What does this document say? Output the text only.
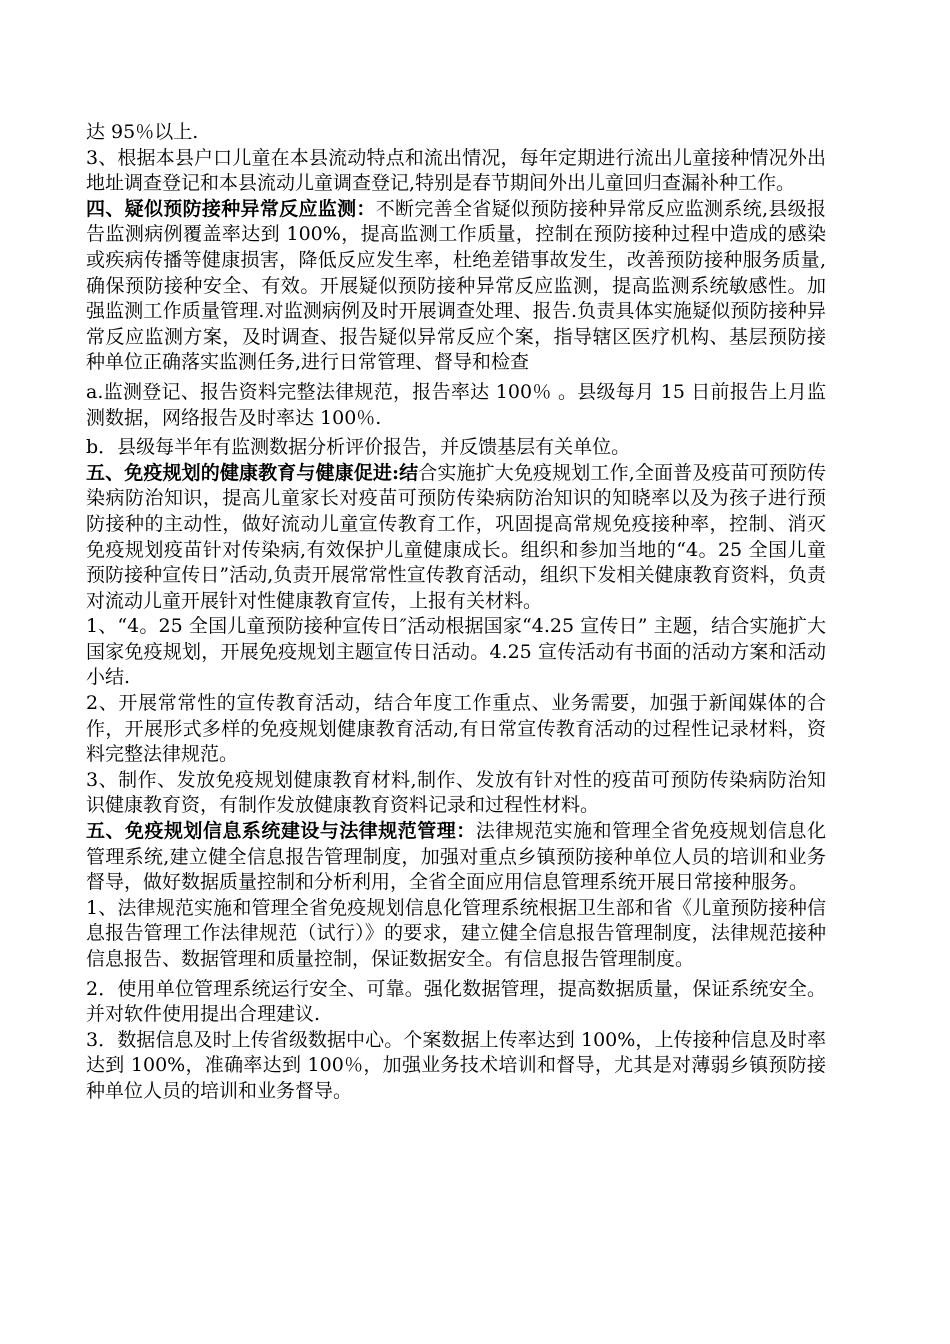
达 95％以上.

3、根据本县户口儿童在本县流动特点和流出情况，每年定期进行流出儿童接种情况外出地址调查登记和本县流动儿童调查登记,特别是春节期间外出儿童回归查漏补种工作。

四、疑似预防接种异常反应监测：不断完善全省疑似预防接种异常反应监测系统,县级报告监测病例覆盖率达到 100%，提高监测工作质量，控制在预防接种过程中造成的感染或疾病传播等健康损害，降低反应发生率，杜绝差错事故发生，改善预防接种服务质量,确保预防接种安全、有效。开展疑似预防接种异常反应监测，提高监测系统敏感性。加强监测工作质量管理.对监测病例及时开展调查处理、报告.负责具体实施疑似预防接种异常反应监测方案，及时调查、报告疑似异常反应个案，指导辖区医疗机构、基层预防接种单位正确落实监测任务,进行日常管理、督导和检查

a.监测登记、报告资料完整法律规范，报告率达 100％ 。县级每月 15 日前报告上月监测数据，网络报告及时率达 100％.

b．县级每半年有监测数据分析评价报告，并反馈基层有关单位。

五、免疫规划的健康教育与健康促进:结合实施扩大免疫规划工作,全面普及疫苗可预防传染病防治知识，提高儿童家长对疫苗可预防传染病防治知识的知晓率以及为孩子进行预防接种的主动性，做好流动儿童宣传教育工作，巩固提高常规免疫接种率，控制、消灭免疫规划疫苗针对传染病,有效保护儿童健康成长。组织和参加当地的“4。25 全国儿童预防接种宣传日”活动,负责开展常常性宣传教育活动，组织下发相关健康教育资料，负责对流动儿童开展针对性健康教育宣传，上报有关材料。

1、“4。25 全国儿童预防接种宣传日″活动根据国家“4.25 宣传日” 主题，结合实施扩大国家免疫规划，开展免疫规划主题宣传日活动。4.25 宣传活动有书面的活动方案和活动小结.

2、开展常常性的宣传教育活动，结合年度工作重点、业务需要，加强于新闻媒体的合作，开展形式多样的免疫规划健康教育活动,有日常宣传教育活动的过程性记录材料，资料完整法律规范。

3、制作、发放免疫规划健康教育材料,制作、发放有针对性的疫苗可预防传染病防治知识健康教育资，有制作发放健康教育资料记录和过程性材料。

五、免疫规划信息系统建设与法律规范管理：法律规范实施和管理全省免疫规划信息化管理系统,建立健全信息报告管理制度，加强对重点乡镇预防接种单位人员的培训和业务督导，做好数据质量控制和分析利用，全省全面应用信息管理系统开展日常接种服务。

1、法律规范实施和管理全省免疫规划信息化管理系统根据卫生部和省《儿童预防接种信息报告管理工作法律规范（试行）》的要求，建立健全信息报告管理制度，法律规范接种信息报告、数据管理和质量控制，保证数据安全。有信息报告管理制度。

2．使用单位管理系统运行安全、可靠。强化数据管理，提高数据质量，保证系统安全。并对软件使用提出合理建议.

3．数据信息及时上传省级数据中心。个案数据上传率达到 100%，上传接种信息及时率达到 100%，准确率达到 100％，加强业务技术培训和督导，尤其是对薄弱乡镇预防接种单位人员的培训和业务督导。
